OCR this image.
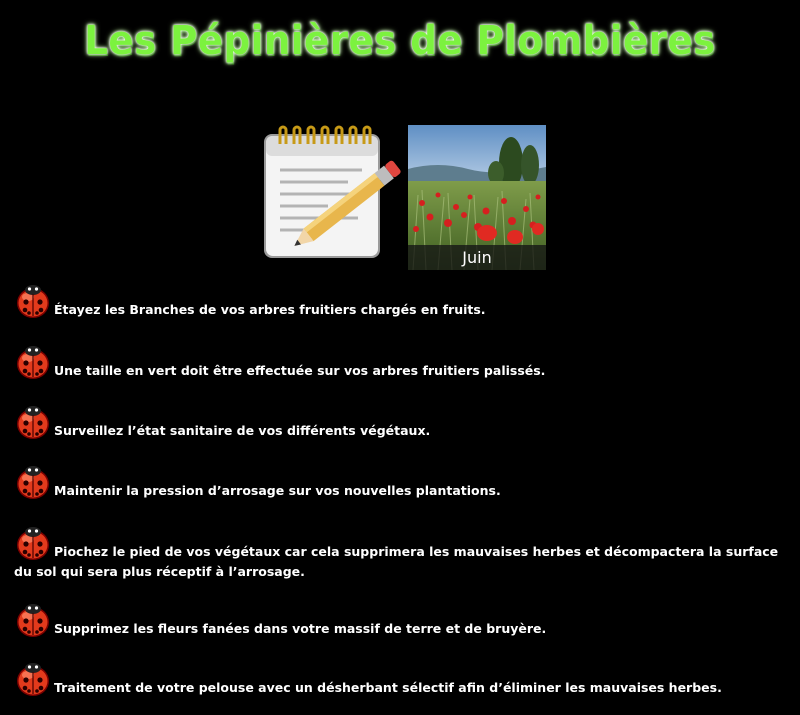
Les Pépinières de Plombières
Juin
Étayez les Branches de vos arbres fruitiers chargés en fruits.
Une taille en vert doit être effectuée sur vos arbres fruitiers palissés.
Surveillez l’état sanitaire de vos différents végétaux.
Maintenir la pression d’arrosage sur vos nouvelles plantations.
Piochez le pied de vos végétaux car cela supprimera les mauvaises herbes et décompactera la surface du sol qui sera plus réceptif à l’arrosage.
Supprimez les fleurs fanées dans votre massif de terre et de bruyère.
Traitement de votre pelouse avec un désherbant sélectif afin d’éliminer les mauvaises herbes.
